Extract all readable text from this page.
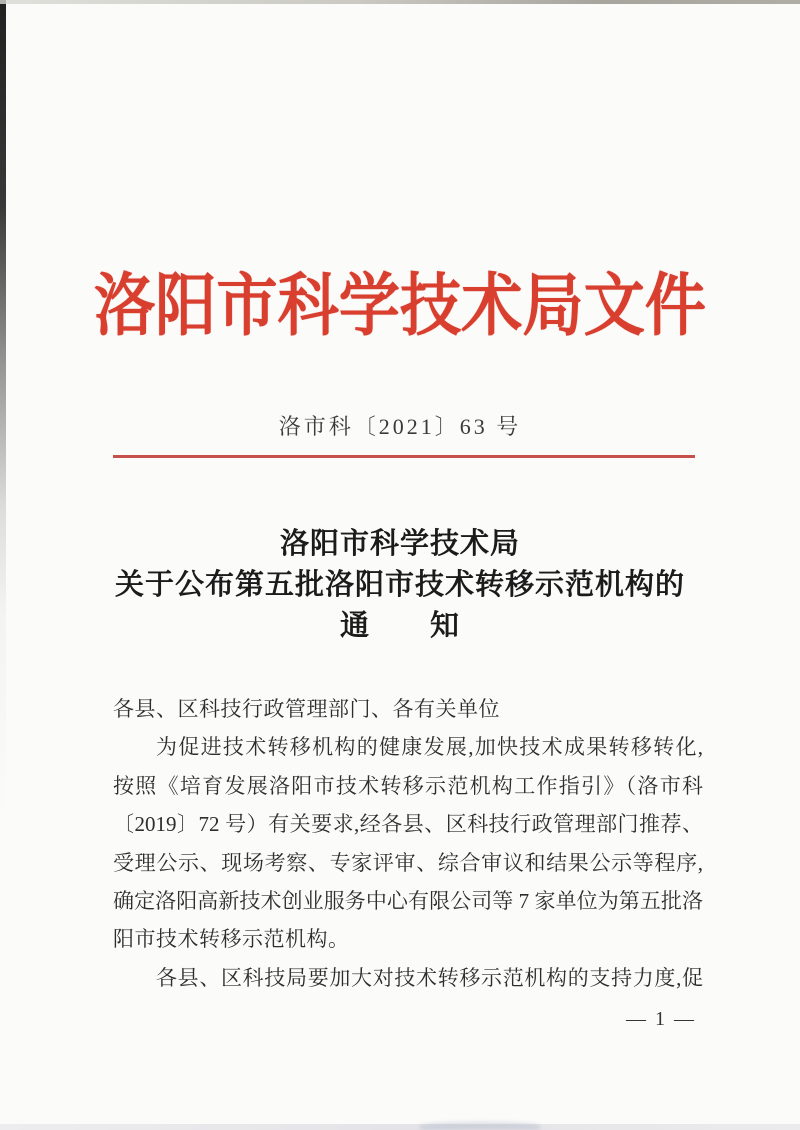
洛阳市科学技术局文件
洛市科〔2021〕63 号
洛阳市科学技术局
关于公布第五批洛阳市技术转移示范机构的
通　　知
各县、区科技行政管理部门、各有关单位
为促进技术转移机构的健康发展,加快技术成果转移转化,
按照《培育发展洛阳市技术转移示范机构工作指引》（洛市科
〔2019〕72 号）有关要求,经各县、区科技行政管理部门推荐、
受理公示、现场考察、专家评审、综合审议和结果公示等程序,
确定洛阳高新技术创业服务中心有限公司等 7 家单位为第五批洛
阳市技术转移示范机构。
各县、区科技局要加大对技术转移示范机构的支持力度,促
— 1 —
